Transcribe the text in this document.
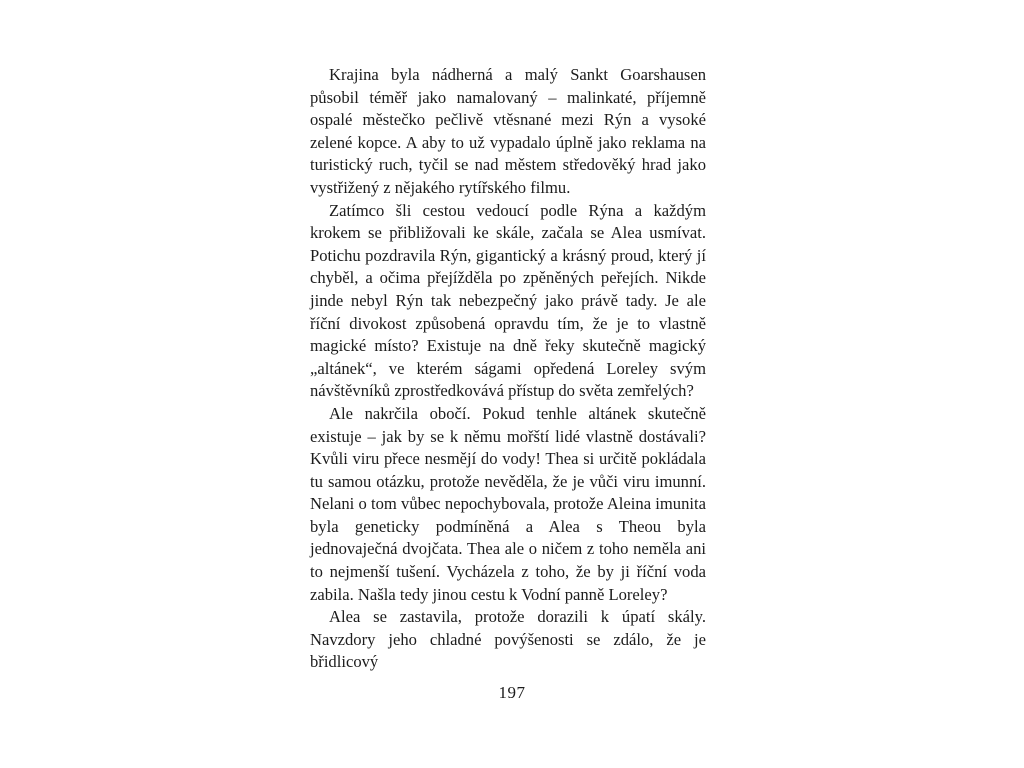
Krajina byla nádherná a malý Sankt Goarshausen působil téměř jako namalovaný – malinkaté, příjemně ospalé městečko pečlivě vtěsnané mezi Rýn a vysoké zelené kopce. A aby to už vypadalo úplně jako reklama na turistický ruch, tyčil se nad městem středověký hrad jako vystřižený z nějakého rytířského filmu.

Zatímco šli cestou vedoucí podle Rýna a každým krokem se přibližovali ke skále, začala se Alea usmívat. Potichu pozdravila Rýn, gigantický a krásný proud, který jí chyběl, a očima přejížděla po zpěněných peřejích. Nikde jinde nebyl Rýn tak nebezpečný jako právě tady. Je ale říční divokost způsobená opravdu tím, že je to vlastně magické místo? Existuje na dně řeky skutečně magický „altánek“, ve kterém ságami opředená Loreley svým návštěvníků zprostředkovává přístup do světa zemřelých?

Ale nakrčila obočí. Pokud tenhle altánek skutečně existuje – jak by se k němu mořští lidé vlastně dostávali? Kvůli viru přece nesmějí do vody! Thea si určitě pokládala tu samou otázku, protože nevěděla, že je vůči viru imunní. Nelani o tom vůbec nepochybovala, protože Aleina imunita byla geneticky podmíněná a Alea s Theou byla jednovaječná dvojčata. Thea ale o ničem z toho neměla ani to nejmenší tušení. Vycházela z toho, že by ji říční voda zabila. Našla tedy jinou cestu k Vodní panně Loreley?

Alea se zastavila, protože dorazili k úpatí skály. Navzdory jeho chladné povýšenosti se zdálo, že je břidlicový

197
